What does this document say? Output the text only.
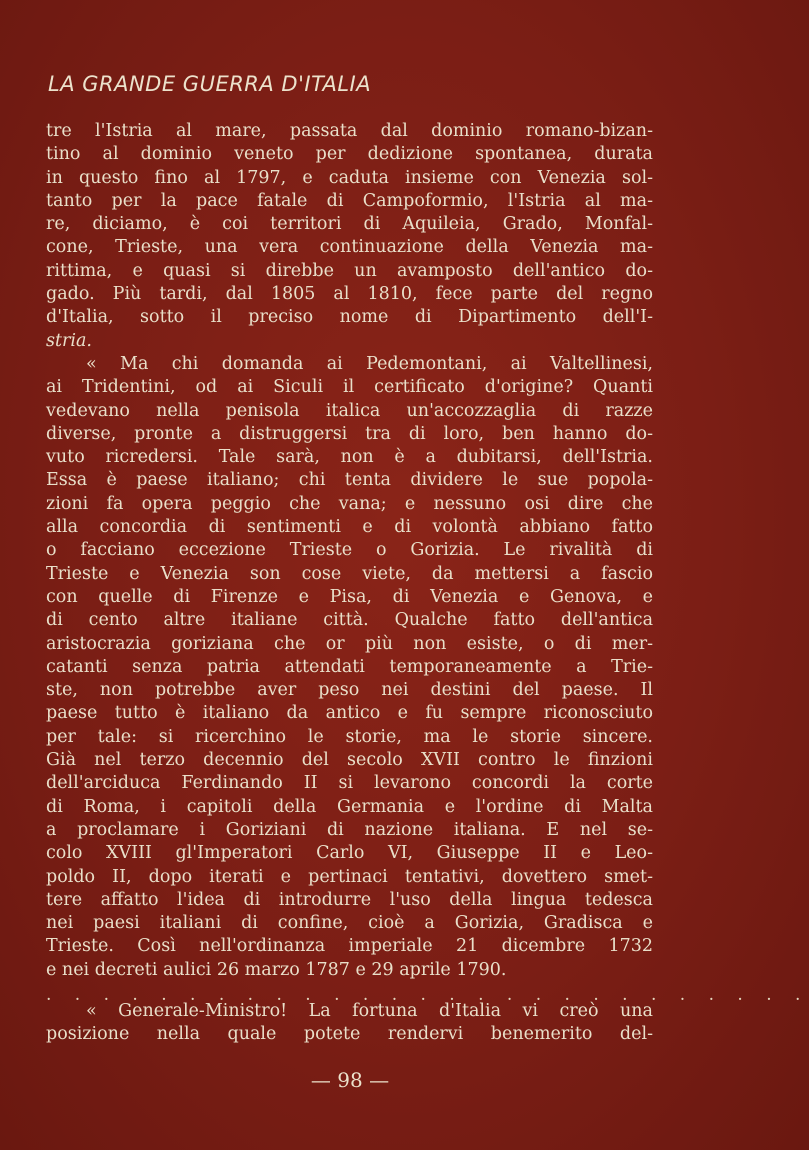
LA GRANDE GUERRA D'ITALIA
tre l'Istria al mare, passata dal dominio romano-bizan-
tino al dominio veneto per dedizione spontanea, durata
in questo fino al 1797, e caduta insieme con Venezia sol-
tanto per la pace fatale di Campoformio, l'Istria al ma-
re, diciamo, è coi territori di Aquileia, Grado, Monfal-
cone, Trieste, una vera continuazione della Venezia ma-
rittima, e quasi si direbbe un avamposto dell'antico do-
gado. Più tardi, dal 1805 al 1810, fece parte del regno
d'Italia, sotto il preciso nome di Dipartimento dell'I-
stria.
« Ma chi domanda ai Pedemontani, ai Valtellinesi,
ai Tridentini, od ai Siculi il certificato d'origine? Quanti
vedevano nella penisola italica un'accozzaglia di razze
diverse, pronte a distruggersi tra di loro, ben hanno do-
vuto ricredersi. Tale sarà, non è a dubitarsi, dell'Istria.
Essa è paese italiano; chi tenta dividere le sue popola-
zioni fa opera peggio che vana; e nessuno osi dire che
alla concordia di sentimenti e di volontà abbiano fatto
o facciano eccezione Trieste o Gorizia. Le rivalità di
Trieste e Venezia son cose viete, da mettersi a fascio
con quelle di Firenze e Pisa, di Venezia e Genova, e
di cento altre italiane città. Qualche fatto dell'antica
aristocrazia goriziana che or più non esiste, o di mer-
catanti senza patria attendati temporaneamente a Trie-
ste, non potrebbe aver peso nei destini del paese. Il
paese tutto è italiano da antico e fu sempre riconosciuto
per tale: si ricerchino le storie, ma le storie sincere.
Già nel terzo decennio del secolo XVII contro le finzioni
dell'arciduca Ferdinando II si levarono concordi la corte
di Roma, i capitoli della Germania e l'ordine di Malta
a proclamare i Goriziani di nazione italiana. E nel se-
colo XVIII gl'Imperatori Carlo VI, Giuseppe II e Leo-
poldo II, dopo iterati e pertinaci tentativi, dovettero smet-
tere affatto l'idea di introdurre l'uso della lingua tedesca
nei paesi italiani di confine, cioè a Gorizia, Gradisca e
Trieste. Così nell'ordinanza imperiale 21 dicembre 1732
e nei decreti aulici 26 marzo 1787 e 29 aprile 1790.
. . . . . . . . . . . . . . . . . . . . . . . . . . .
« Generale-Ministro! La fortuna d'Italia vi creò una
posizione nella quale potete rendervi benemerito del-
— 98 —
